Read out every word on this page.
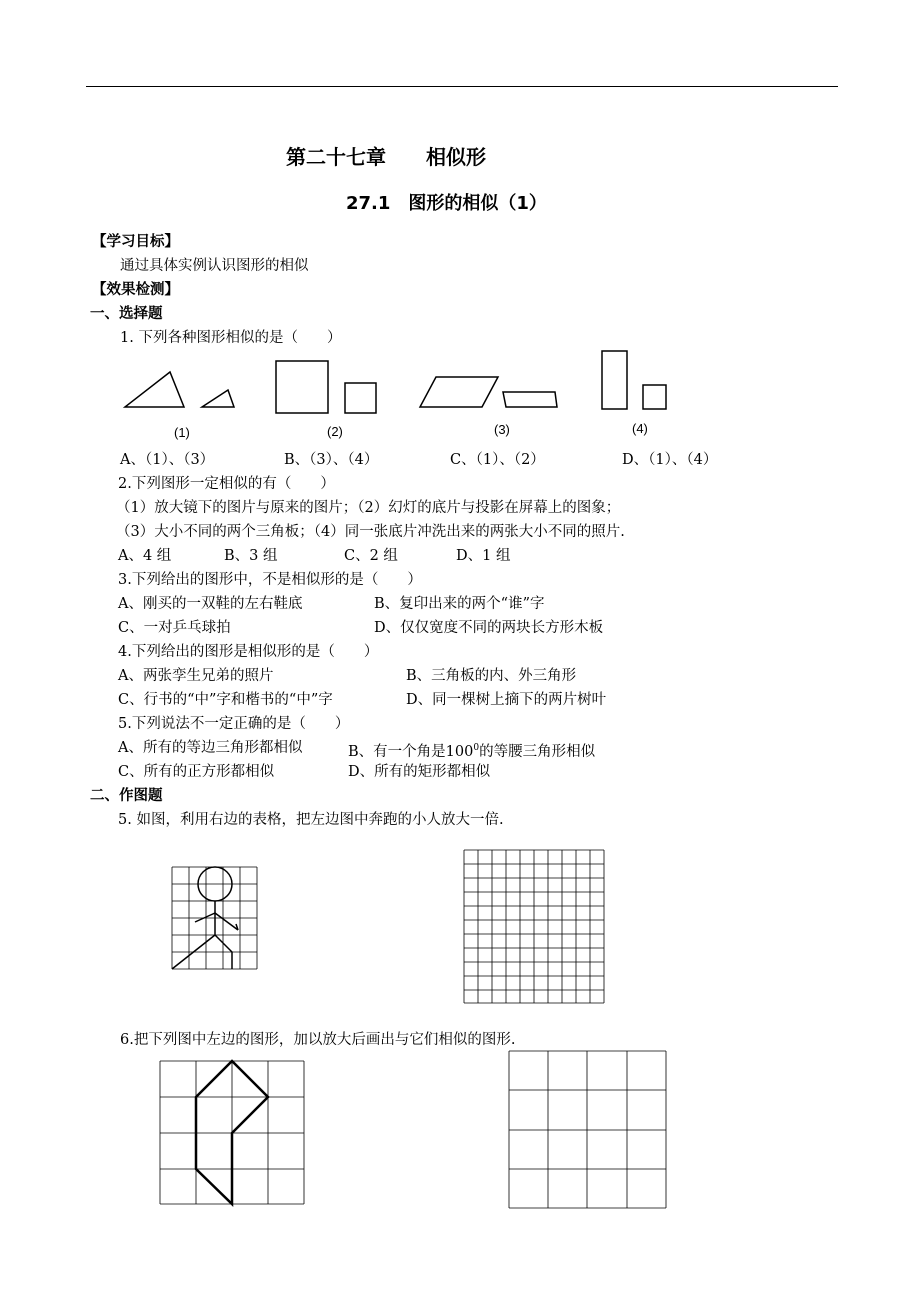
第二十七章　　相似形
27.1　图形的相似（1）
【学习目标】
通过具体实例认识图形的相似
【效果检测】
一、选择题
1. 下列各种图形相似的是（　　）
(1)	(2)	(3)	(4)
A、（1）、（3）	B、（3）、（4）	C、（1）、（2）	D、（1）、（4）
2.下列图形一定相似的有（　　）
（1）放大镜下的图片与原来的图片；（2）幻灯的底片与投影在屏幕上的图象；
（3）大小不同的两个三角板；（4）同一张底片冲洗出来的两张大小不同的照片.
A、4 组	B、3 组	C、2 组	D、1 组
3.下列给出的图形中，不是相似形的是（　　）
A、刚买的一双鞋的左右鞋底	B、复印出来的两个“谁”字
C、一对乒乓球拍	D、仅仅宽度不同的两块长方形木板
4.下列给出的图形是相似形的是（　　）
A、两张孪生兄弟的照片	B、三角板的内、外三角形
C、行书的“中”字和楷书的“中”字	D、同一棵树上摘下的两片树叶
5.下列说法不一定正确的是（　　）
A、所有的等边三角形都相似	B、有一个角是$100^0$的等腰三角形相似
C、所有的正方形都相似	D、所有的矩形都相似
二、作图题
5. 如图，利用右边的表格，把左边图中奔跑的小人放大一倍.
6.把下列图中左边的图形，加以放大后画出与它们相似的图形.
